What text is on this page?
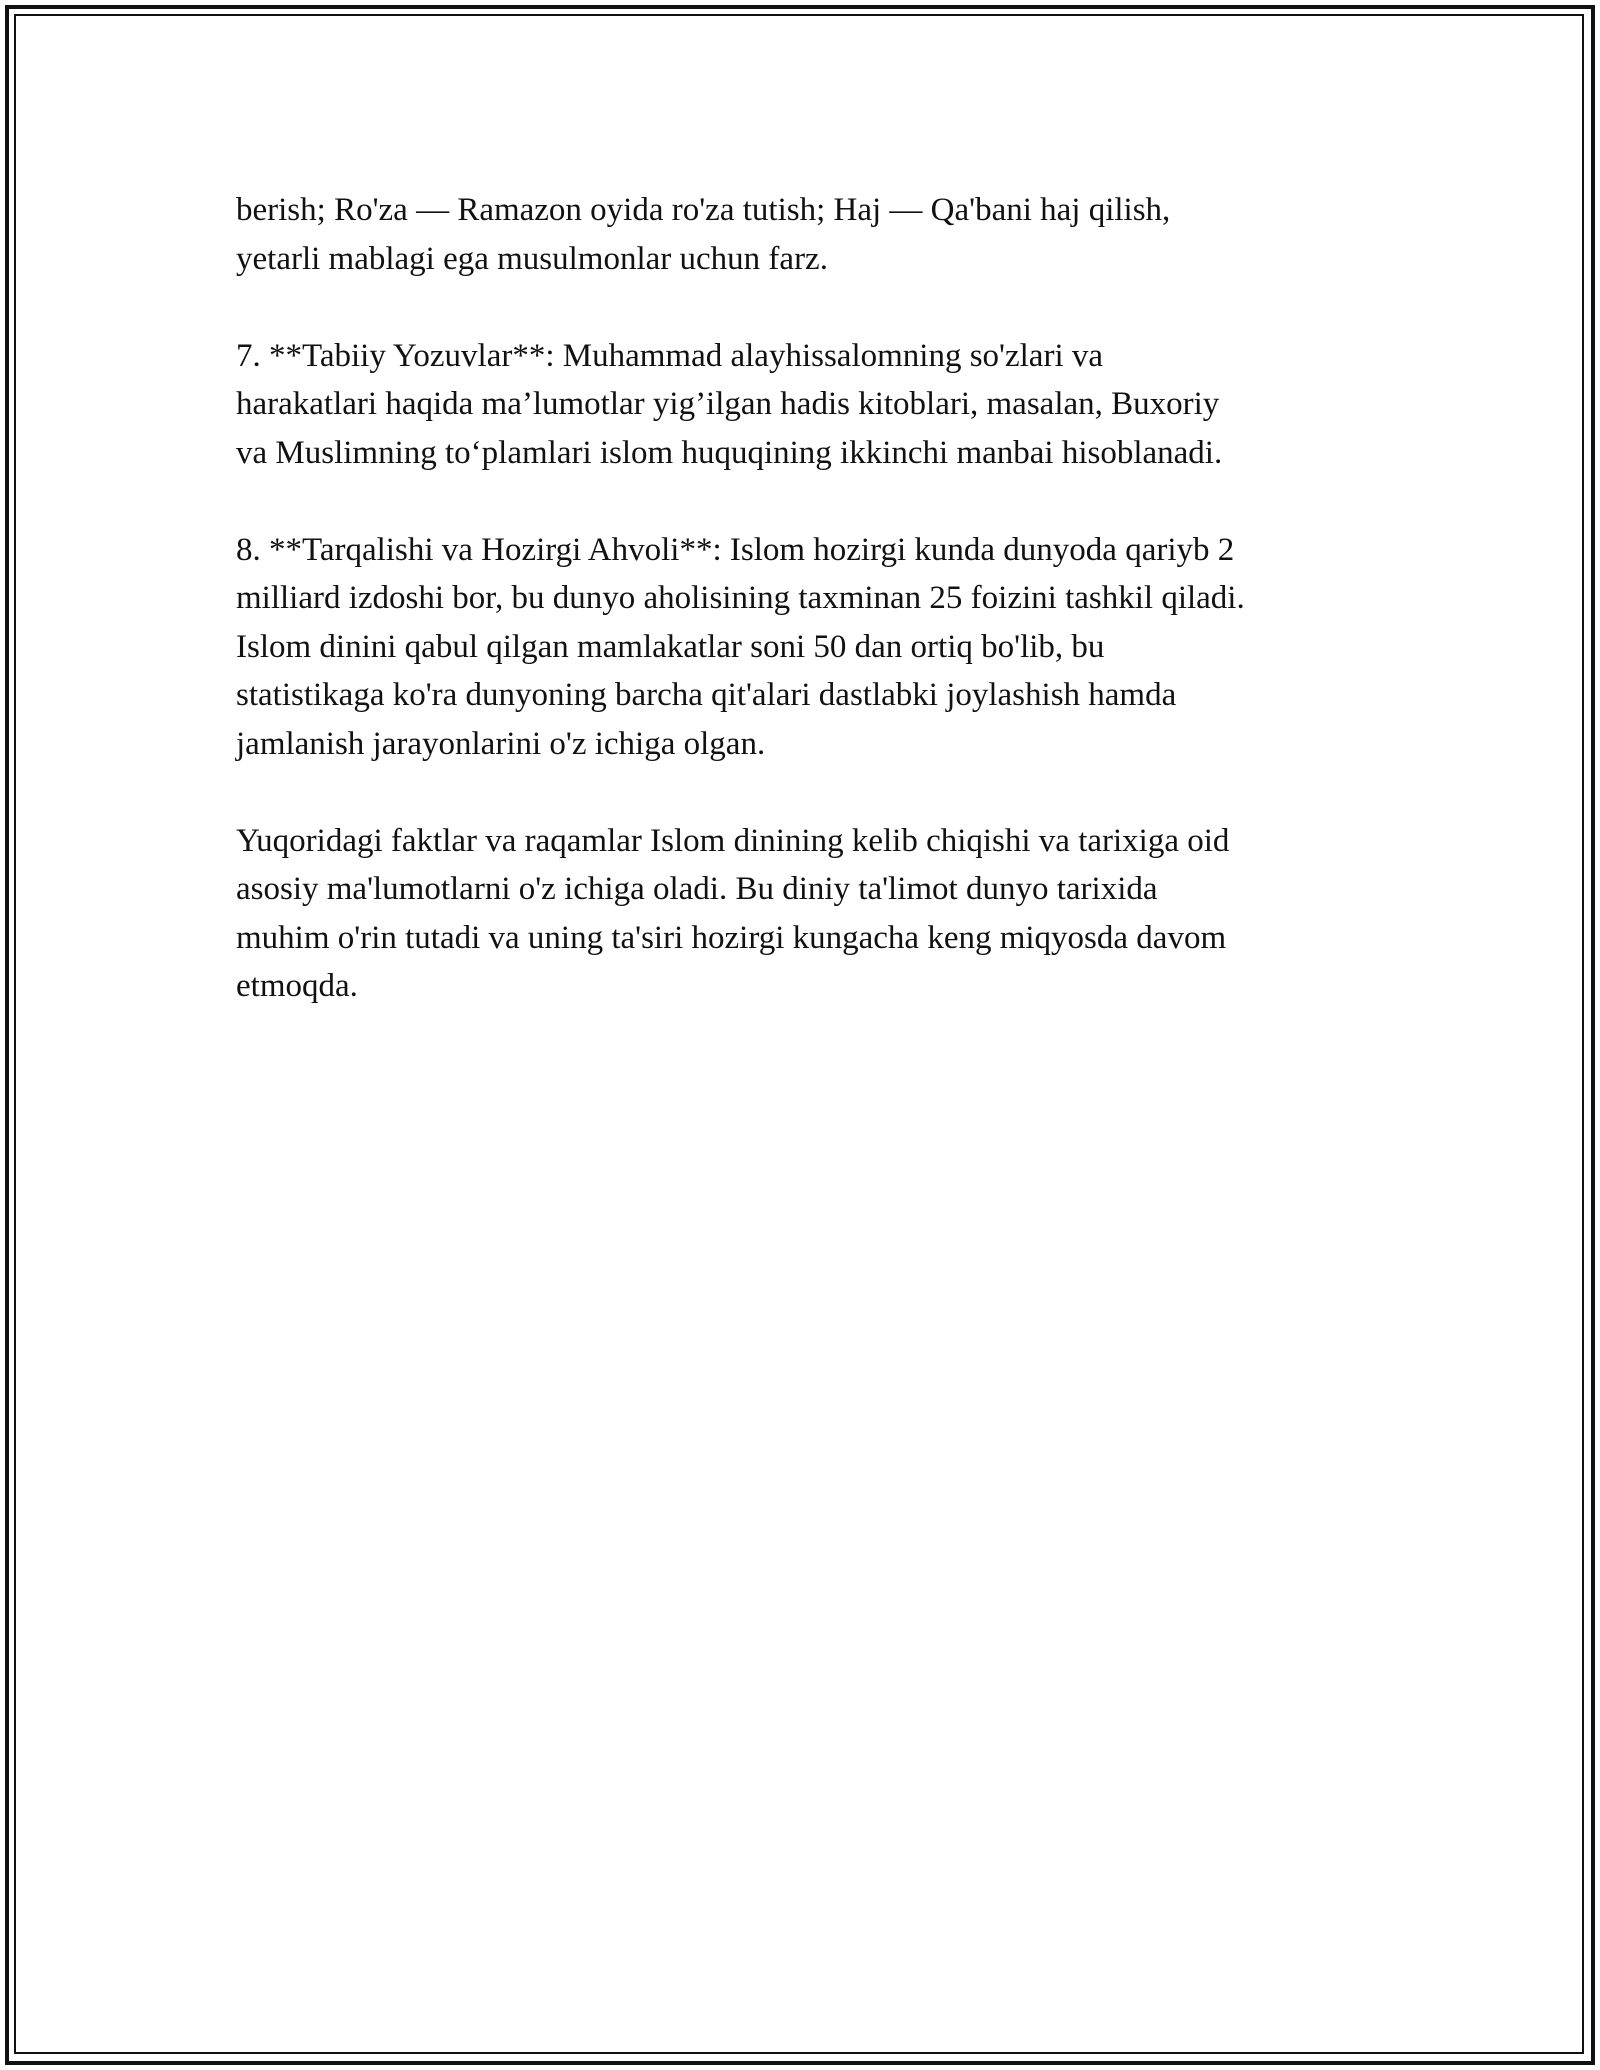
berish; Ro'za — Ramazon oyida ro'za tutish; Haj — Qa'bani haj qilish,
yetarli mablagi ega musulmonlar uchun farz.

7. **Tabiiy Yozuvlar**: Muhammad alayhissalomning so'zlari va
harakatlari haqida ma’lumotlar yig’ilgan hadis kitoblari, masalan, Buxoriy
va Muslimning to‘plamlari islom huquqining ikkinchi manbai hisoblanadi.

8. **Tarqalishi va Hozirgi Ahvoli**: Islom hozirgi kunda dunyoda qariyb 2
milliard izdoshi bor, bu dunyo aholisining taxminan 25 foizini tashkil qiladi.
Islom dinini qabul qilgan mamlakatlar soni 50 dan ortiq bo'lib, bu
statistikaga ko'ra dunyoning barcha qit'alari dastlabki joylashish hamda
jamlanish jarayonlarini o'z ichiga olgan.

Yuqoridagi faktlar va raqamlar Islom dinining kelib chiqishi va tarixiga oid
asosiy ma'lumotlarni o'z ichiga oladi. Bu diniy ta'limot dunyo tarixida
muhim o'rin tutadi va uning ta'siri hozirgi kungacha keng miqyosda davom
etmoqda.
